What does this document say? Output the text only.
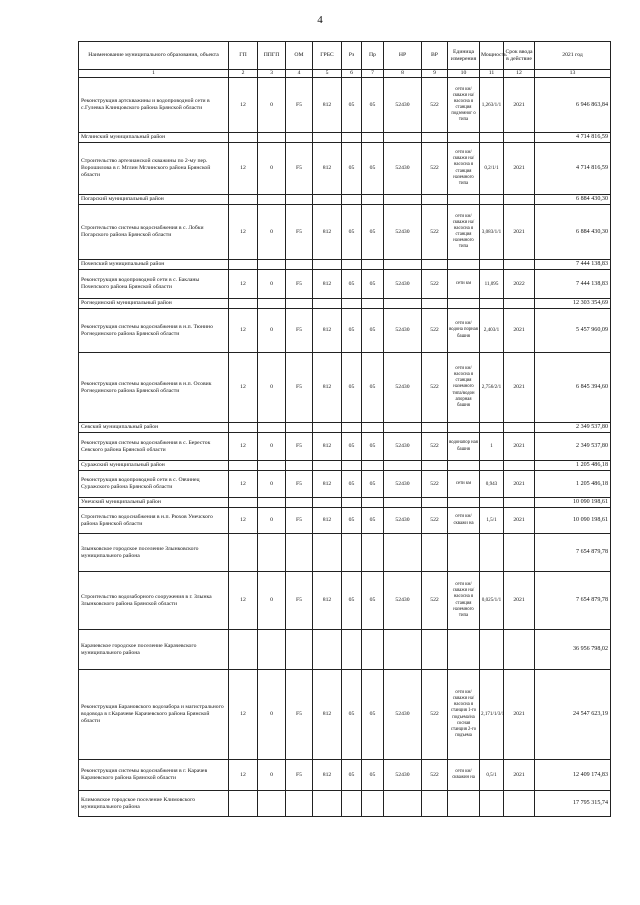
4
Наименование муниципального образования, объекта	ГП	ППГП	ОМ	ГРБС	Рз	Пр	НР	ВР	Единица измерения	Мощность	Срок ввода в действие	2021 год
1	2	3	4	5	6	7	8	9	10	11	12	13
Реконструкция артскважины и водопроводной сети в с.Гулевка Клинцовского района Брянской области	12	0	F5	812	05	05	52430	522	сети км/скважи на/насосна я станция подземног о типа	1,263/1/1	2021	6 946 863,84
Мглинский муниципальный район												4 714 816,59
Строительство артезианской скважины по 2-му пер. Ворошилова в г. Мглин Мглинского района Брянской области	12	0	F5	812	05	05	52430	522	сети км/скважи на/насосна я станция наземного типа	0,2/1/1	2021	4 714 816,59
Погарский муниципальный район												6 884 430,30
Строительство системы водоснабжения в с. Лобки Погарского района Брянской области	12	0	F5	812	05	05	52430	522	сети км/скважи на/насосна я станция наземного типа	3,083/1/1	2021	6 884 430,30
Почепский муниципальный район												7 444 138,83
Реконструкция водопроводной сети в с. Бакланы Почепского района Брянской области	12	0	F5	812	05	05	52430	522	сети км	11,095	2022	7 444 138,83
Рогнединский муниципальный район												12 303 354,69
Реконструкция системы водоснабжения в н.п. Тюнино Рогнединского района Брянской области	12	0	F5	812	05	05	52430	522	сети км/водона порная башня	2,403/1	2021	5 457 960,09
Реконструкция системы водоснабжения в н.п. Осовик Рогнединского района Брянской области	12	0	F5	812	05	05	52430	522	сети км/насосна я станция наземного типа/водон апорная башня	2,756/2/1	2021	6 845 394,60
Севский муниципальный район												2 349 537,80
Реконструкция системы водоснабжения в с. Бересток Севского района Брянской области	12	0	F5	812	05	05	52430	522	водонапор ная башня	1	2021	2 349 537,80
Суражский муниципальный район												1 205 486,18
Реконструкция водопроводной сети в с. Овчинец Суражского района Брянской области	12	0	F5	812	05	05	52430	522	сети км	0,943	2021	1 205 486,18
Унечский муниципальный район												10 090 198,61
Строительство водоснабжения в н.п. Рюхов Унечского района Брянской области	12	0	F5	812	05	05	52430	522	сети км/скважи на	1,5/1	2021	10 090 198,61
Злынковское городское поселение Злынковского муниципального района												7 654 879,78
Строительство водозаборного сооружения в г. Злынка Злынковского района Брянской области	12	0	F5	812	05	05	52430	522	сети км/скважи на/насосна я станция наземного типа	0,025/1/1	2021	7 654 879,78
Карачевское городское поселение Карачевского муниципального района												36 956 798,02
Реконструкция Барановского водозабора и магистрального водовода в г.Карачеве Карачевского района Брянской области	12	0	F5	812	05	05	52430	522	сети км/скважи на/насосна я станция 1-го подъема/на сосная станция 2-го подъема	2,171/1/3/1	2021	24 547 623,19
Реконструкция системы водоснабжения в г. Карачев Карачевского района Брянской области	12	0	F5	812	05	05	52430	522	сети км/скважин на	0,5/1	2021	12 409 174,83
Климовское городское поселение Климовского муниципального района												17 795 315,74
